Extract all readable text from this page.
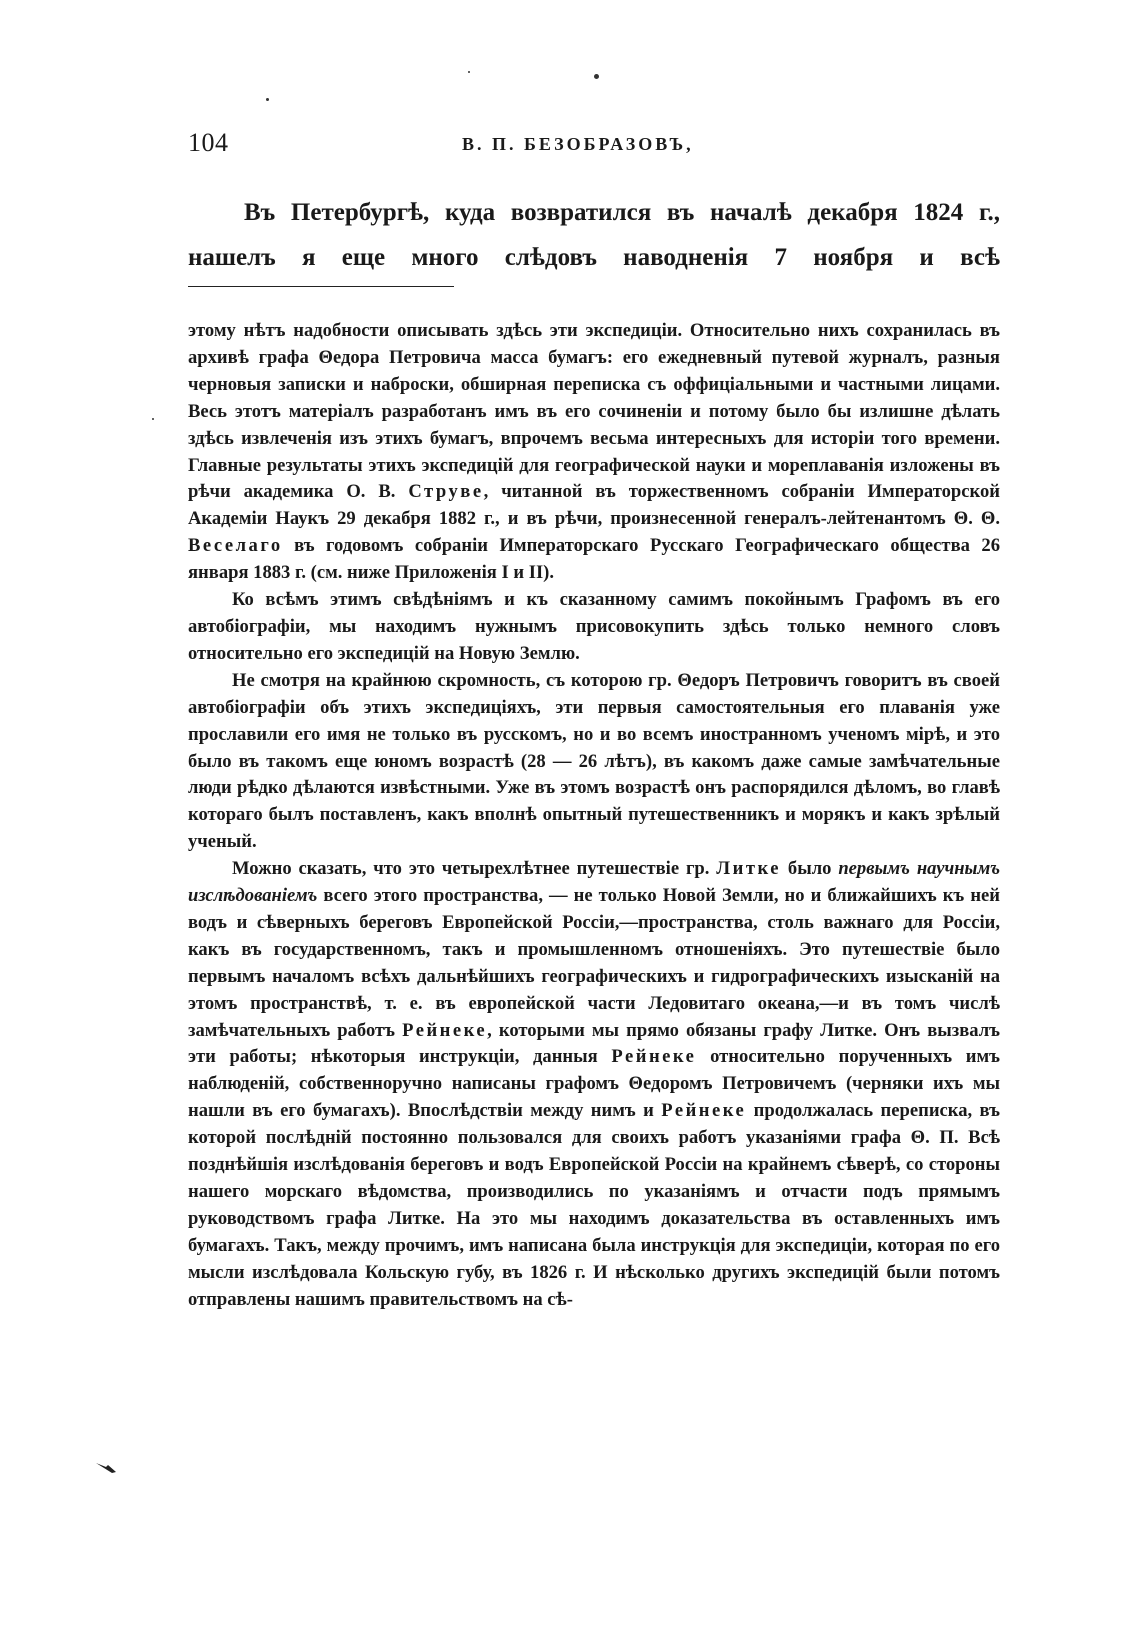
104	В. П. БЕЗОБРАЗОВЪ,
Въ Петербургѣ, куда возвратился въ началѣ декабря 1824 г.,
нашелъ я еще много слѣдовъ наводненія 7 ноября и всѣ

этому нѣтъ надобности описывать здѣсь эти экспедиціи. Относительно нихъ сохранилась въ архивѣ графа Θедора Петровича масса бумагъ: его ежедневный путевой журналъ, разныя черновыя записки и наброски, обширная переписка съ оффиціальными и частными лицами. Весь этотъ матеріалъ разработанъ имъ въ его сочиненіи и потому было бы излишне дѣлать здѣсь извлеченія изъ этихъ бумагъ, впрочемъ весьма интересныхъ для исторіи того времени. Главные результаты этихъ экспедицій для географической науки и мореплаванія изложены въ рѣчи академика О. В. Струве, читанной въ торжественномъ собраніи Императорской Академіи Наукъ 29 декабря 1882 г., и въ рѣчи, произнесенной генералъ-лейтенантомъ Θ. Θ. Веселаго въ годовомъ собраніи Императорскаго Русскаго Географическаго общества 26 января 1883 г. (см. ниже Приложенія I и II).

Ко всѣмъ этимъ свѣдѣніямъ и къ сказанному самимъ покойнымъ Графомъ въ его автобіографіи, мы находимъ нужнымъ присовокупить здѣсь только немного словъ относительно его экспедицій на Новую Землю.

Не смотря на крайнюю скромность, съ которою гр. Θедоръ Петровичъ говоритъ въ своей автобіографіи объ этихъ экспедиціяхъ, эти первыя самостоятельныя его плаванія уже прославили его имя не только въ русскомъ, но и во всемъ иностранномъ ученомъ мірѣ, и это было въ такомъ еще юномъ возрастѣ (28 — 26 лѣтъ), въ какомъ даже самые замѣчательные люди рѣдко дѣлаются извѣстными. Уже въ этомъ возрастѣ онъ распорядился дѣломъ, во главѣ котораго былъ поставленъ, какъ вполнѣ опытный путешественникъ и морякъ и какъ зрѣлый ученый.

Можно сказать, что это четырехлѣтнее путешествіе гр. Литке было первымъ научнымъ изслѣдованіемъ всего этого пространства, — не только Новой Земли, но и ближайшихъ къ ней водъ и сѣверныхъ береговъ Европейской Россіи,—пространства, столь важнаго для Россіи, какъ въ государственномъ, такъ и промышленномъ отношеніяхъ. Это путешествіе было первымъ началомъ всѣхъ дальнѣйшихъ географическихъ и гидрографическихъ изысканій на этомъ пространствѣ, т. е. въ европейской части Ледовитаго океана,—и въ томъ числѣ замѣчательныхъ работъ Рейнеке, которыми мы прямо обязаны графу Литке. Онъ вызвалъ эти работы; нѣкоторыя инструкціи, данныя Рейнеке относительно порученныхъ имъ наблюденій, собственноручно написаны графомъ Θедоромъ Петровичемъ (черняки ихъ мы нашли въ его бумагахъ). Впослѣдствіи между нимъ и Рейнеке продолжалась переписка, въ которой послѣдній постоянно пользовался для своихъ работъ указаніями графа Θ. П. Всѣ позднѣйшія изслѣдованія береговъ и водъ Европейской Россіи на крайнемъ сѣверѣ, со стороны нашего морскаго вѣдомства, производились по указаніямъ и отчасти подъ прямымъ руководствомъ графа Литке. На это мы находимъ доказательства въ оставленныхъ имъ бумагахъ. Такъ, между прочимъ, имъ написана была инструкція для экспедиціи, которая по его мысли изслѣдовала Кольскую губу, въ 1826 г. И нѣсколько другихъ экспедицій были потомъ отправлены нашимъ правительствомъ на сѣ-
